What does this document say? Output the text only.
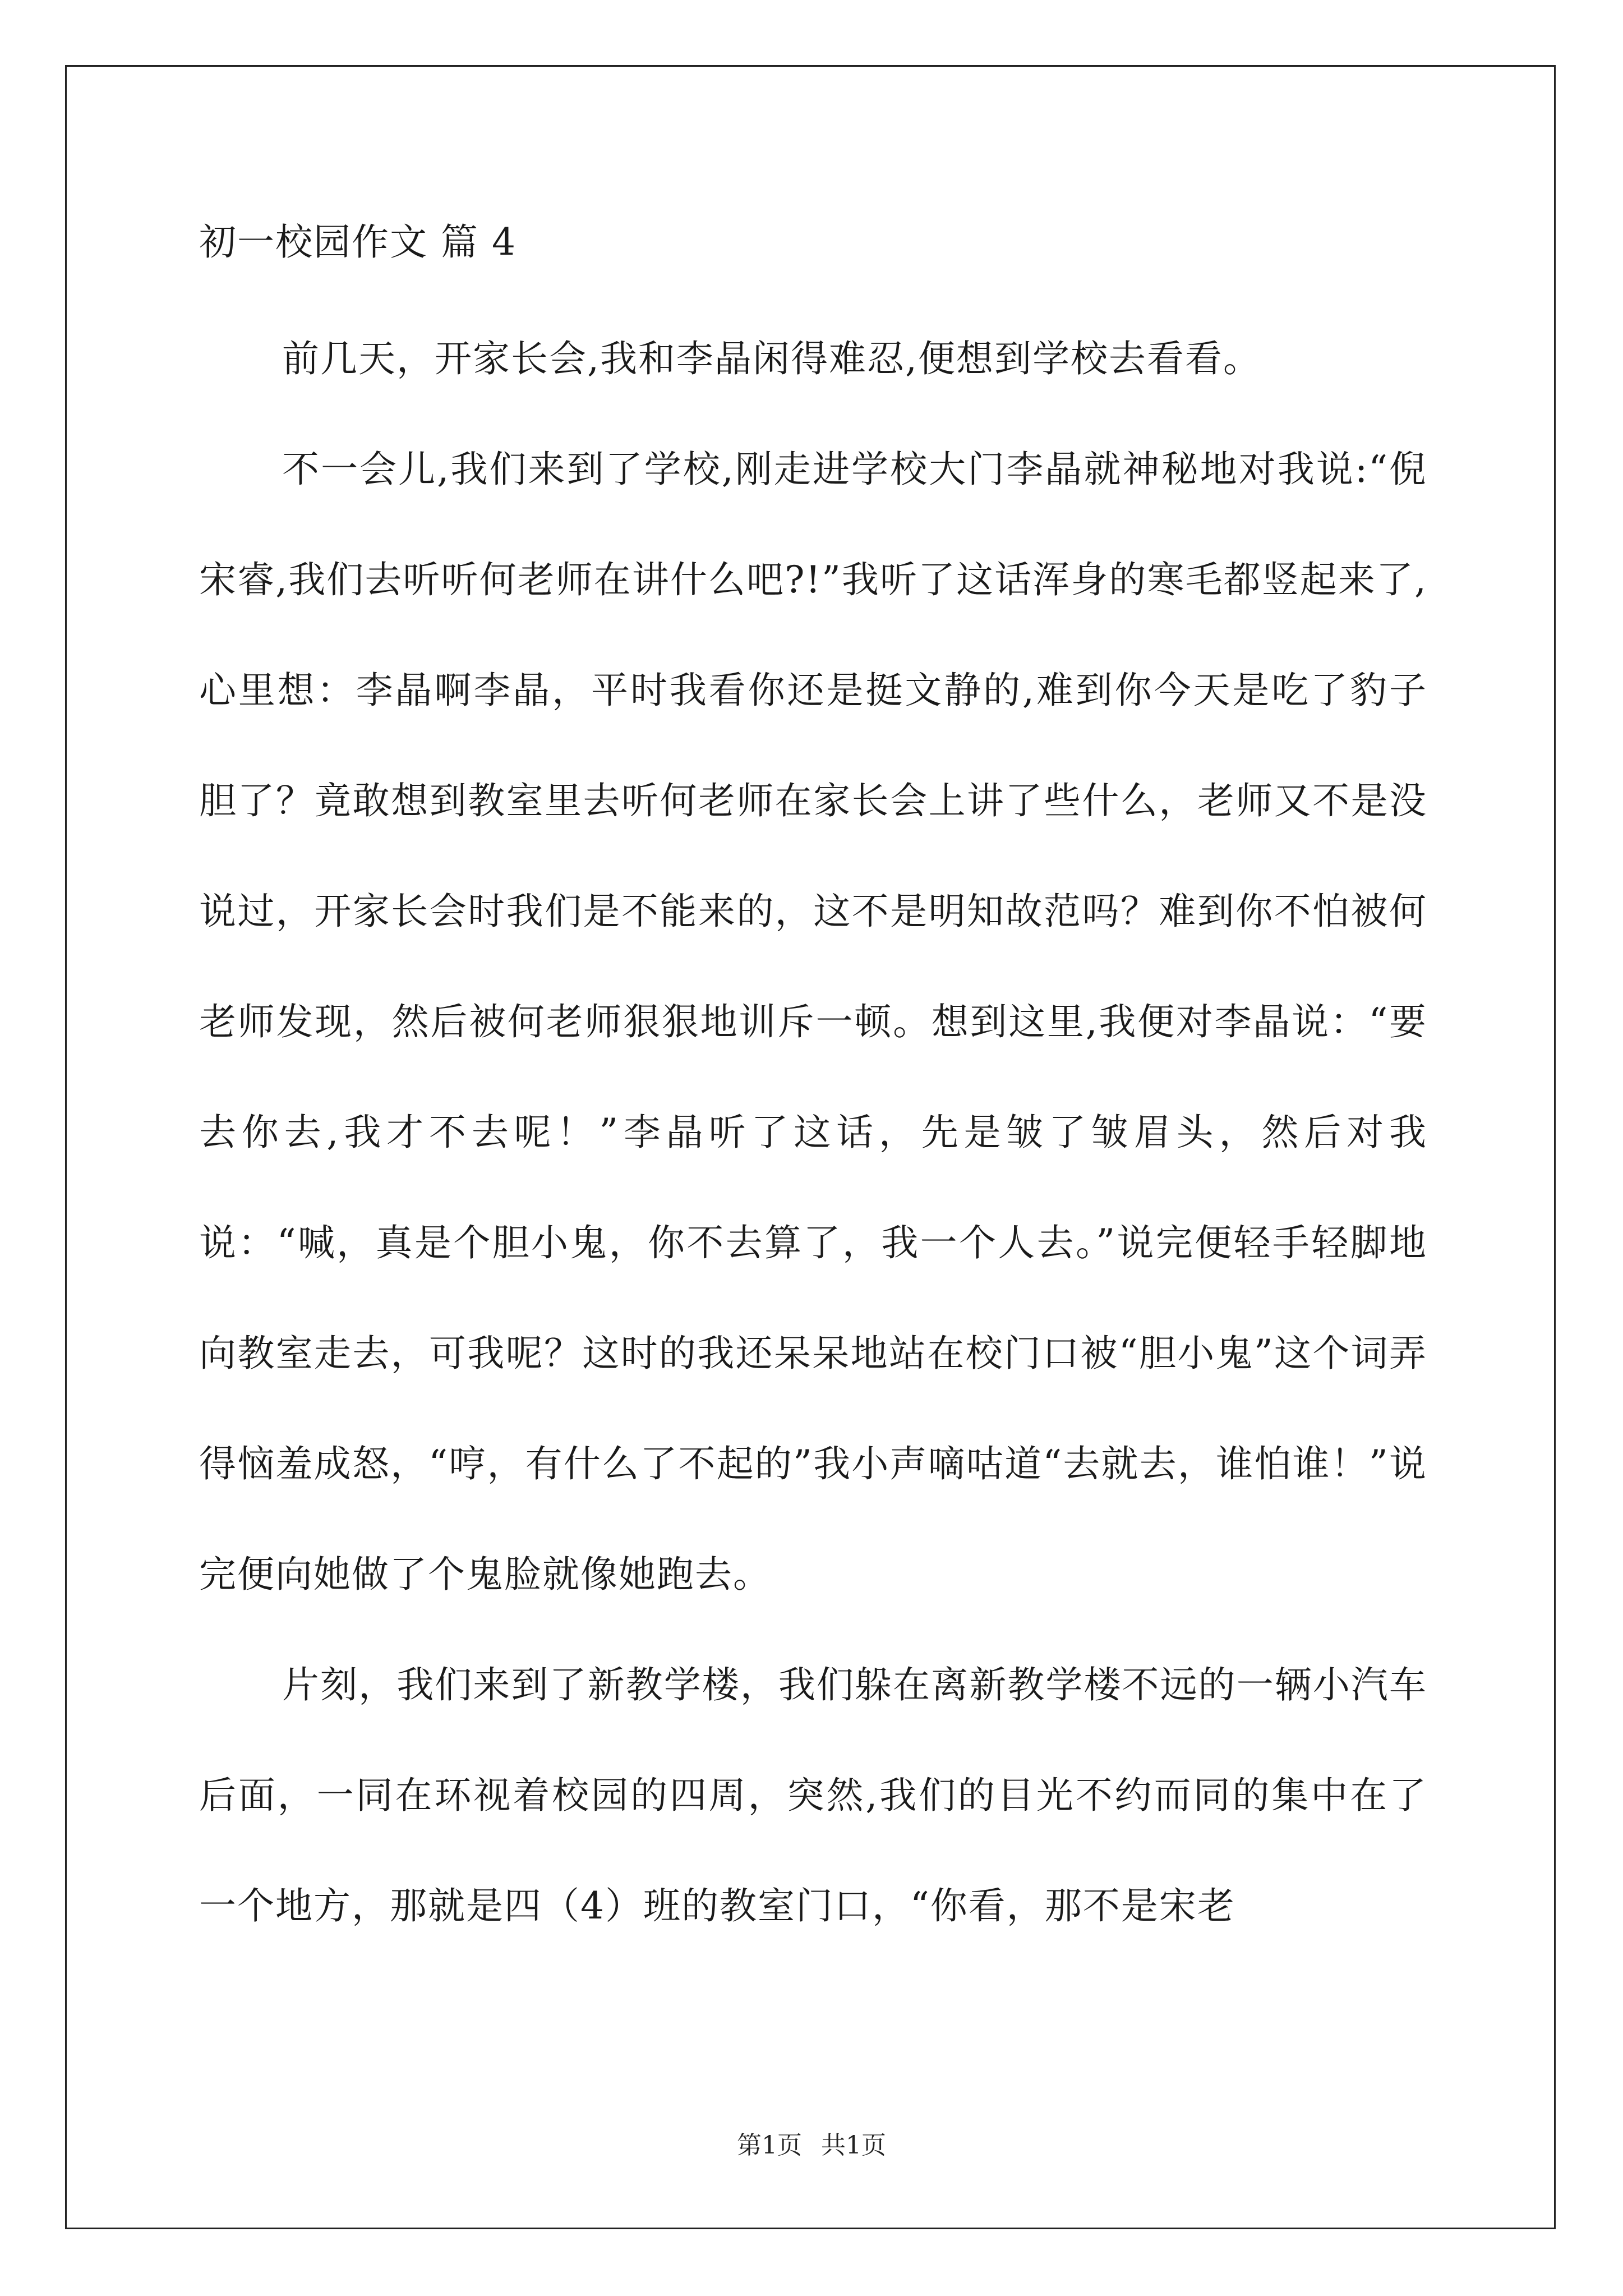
初一校园作文 篇 4

前几天，开家长会,我和李晶闲得难忍,便想到学校去看看。

不一会儿,我们来到了学校,刚走进学校大门李晶就神秘地对我说:“倪宋睿,我们去听听何老师在讲什么吧?!”我听了这话浑身的寒毛都竖起来了,心里想：李晶啊李晶，平时我看你还是挺文静的,难到你今天是吃了豹子胆了？竟敢想到教室里去听何老师在家长会上讲了些什么，老师又不是没说过，开家长会时我们是不能来的，这不是明知故范吗？难到你不怕被何老师发现，然后被何老师狠狠地训斥一顿。想到这里,我便对李晶说：“要去你去,我才不去呢！”李晶听了这话，先是皱了皱眉头，然后对我说：“喊，真是个胆小鬼，你不去算了，我一个人去。”说完便轻手轻脚地向教室走去，可我呢？这时的我还呆呆地站在校门口被“胆小鬼”这个词弄得恼羞成怒，“哼，有什么了不起的”我小声嘀咕道“去就去，谁怕谁！”说完便向她做了个鬼脸就像她跑去。

片刻，我们来到了新教学楼，我们躲在离新教学楼不远的一辆小汽车后面，一同在环视着校园的四周，突然,我们的目光不约而同的集中在了一个地方，那就是四（4）班的教室门口，“你看，那不是宋老

第1页 共1页
